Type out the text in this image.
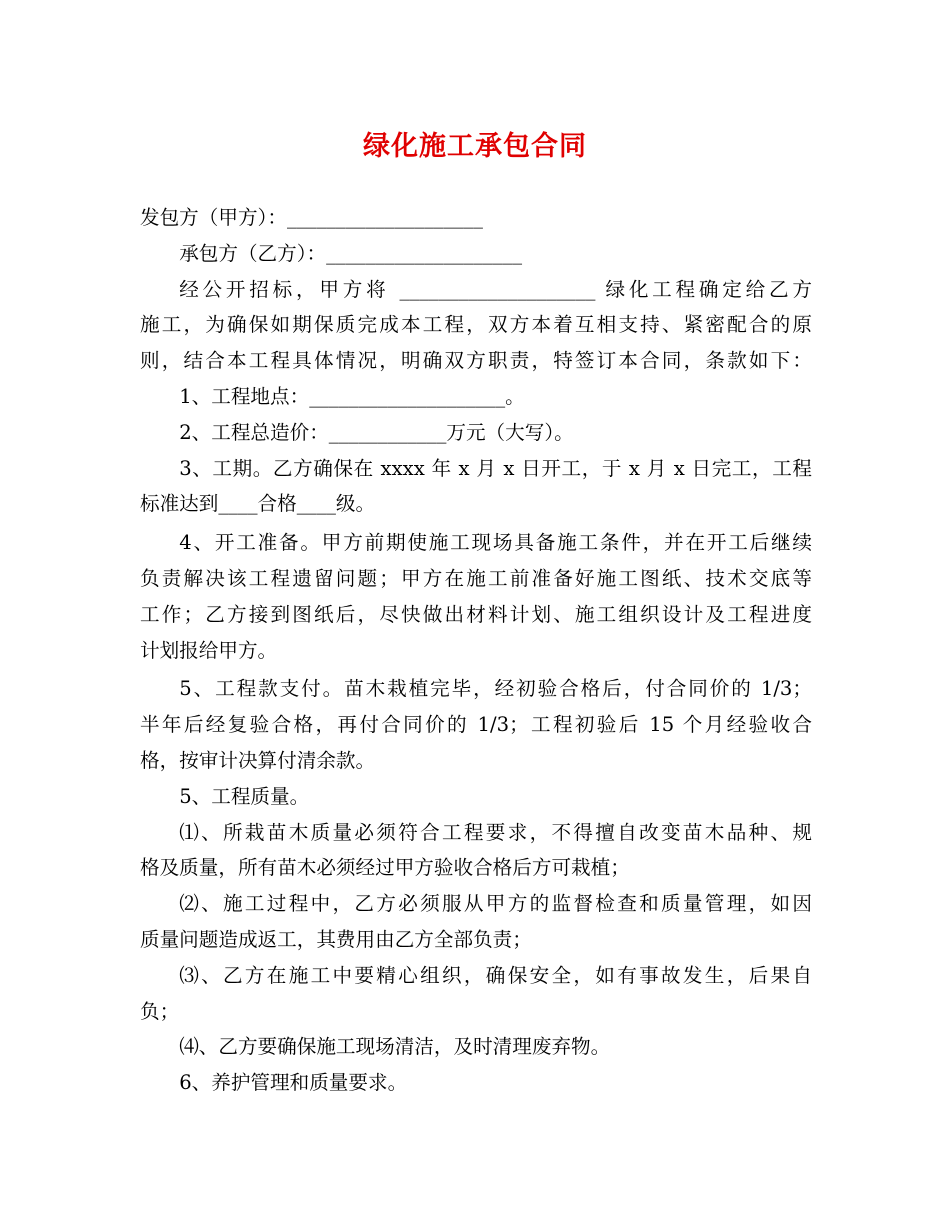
绿化施工承包合同
发包方（甲方）：____________________
承包方（乙方）：____________________
经公开招标，甲方将 ____________________ 绿化工程确定给乙方
施工，为确保如期保质完成本工程，双方本着互相支持、紧密配合的原
则，结合本工程具体情况，明确双方职责，特签订本合同，条款如下：
1、工程地点：____________________。
2、工程总造价：____________万元（大写）。
3、工期。乙方确保在 xxxx 年 x 月 x 日开工，于 x 月 x 日完工，工程
标准达到____合格____级。
4、开工准备。甲方前期使施工现场具备施工条件，并在开工后继续
负责解决该工程遗留问题；甲方在施工前准备好施工图纸、技术交底等
工作；乙方接到图纸后，尽快做出材料计划、施工组织设计及工程进度
计划报给甲方。
5、工程款支付。苗木栽植完毕，经初验合格后，付合同价的 1/3；
半年后经复验合格，再付合同价的 1/3；工程初验后 15 个月经验收合
格，按审计决算付清余款。
5、工程质量。
⑴、所栽苗木质量必须符合工程要求，不得擅自改变苗木品种、规
格及质量，所有苗木必须经过甲方验收合格后方可栽植；
⑵、施工过程中，乙方必须服从甲方的监督检查和质量管理，如因
质量问题造成返工，其费用由乙方全部负责；
⑶、乙方在施工中要精心组织，确保安全，如有事故发生，后果自
负；
⑷、乙方要确保施工现场清洁，及时清理废弃物。
6、养护管理和质量要求。
